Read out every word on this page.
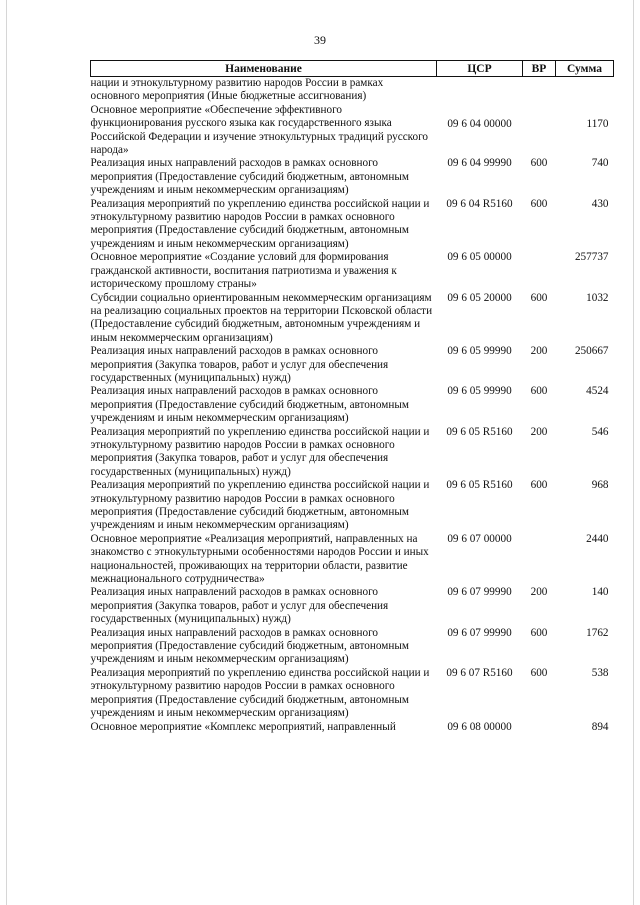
39
Наименование	ЦСР	ВР	Сумма
нации и этнокультурному развитию народов России в рамках основного мероприятия (Иные бюджетные ассигнования)			
Основное мероприятие «Обеспечение эффективного функционирования русского языка как государственного языка Российской Федерации и изучение этнокультурных традиций русского народа»	09 6 04 00000		1170
Реализация иных направлений расходов в рамках основного мероприятия (Предоставление субсидий бюджетным, автономным учреждениям и иным некоммерческим организациям)	09 6 04 99990	600	740
Реализация мероприятий по укреплению единства российской нации и этнокультурному развитию народов России в рамках основного мероприятия (Предоставление субсидий бюджетным, автономным учреждениям и иным некоммерческим организациям)	09 6 04 R5160	600	430
Основное мероприятие «Создание условий для формирования гражданской активности, воспитания патриотизма и уважения к историческому прошлому страны»	09 6 05 00000		257737
Субсидии социально ориентированным некоммерческим организациям на реализацию социальных проектов на территории Псковской области (Предоставление субсидий бюджетным, автономным учреждениям и иным некоммерческим организациям)	09 6 05 20000	600	1032
Реализация иных направлений расходов в рамках основного мероприятия (Закупка товаров, работ и услуг для обеспечения государственных (муниципальных) нужд)	09 6 05 99990	200	250667
Реализация иных направлений расходов в рамках основного мероприятия (Предоставление субсидий бюджетным, автономным учреждениям и иным некоммерческим организациям)	09 6 05 99990	600	4524
Реализация мероприятий по укреплению единства российской нации и этнокультурному развитию народов России в рамках основного мероприятия (Закупка товаров, работ и услуг для обеспечения государственных (муниципальных) нужд)	09 6 05 R5160	200	546
Реализация мероприятий по укреплению единства российской нации и этнокультурному развитию народов России в рамках основного мероприятия (Предоставление субсидий бюджетным, автономным учреждениям и иным некоммерческим организациям)	09 6 05 R5160	600	968
Основное мероприятие «Реализация мероприятий, направленных на знакомство с этнокультурными особенностями народов России и иных национальностей, проживающих на территории области, развитие межнационального сотрудничества»	09 6 07 00000		2440
Реализация иных направлений расходов в рамках основного мероприятия (Закупка товаров, работ и услуг для обеспечения государственных (муниципальных) нужд)	09 6 07 99990	200	140
Реализация иных направлений расходов в рамках основного мероприятия (Предоставление субсидий бюджетным, автономным учреждениям и иным некоммерческим организациям)	09 6 07 99990	600	1762
Реализация мероприятий по укреплению единства российской нации и этнокультурному развитию народов России в рамках основного мероприятия (Предоставление субсидий бюджетным, автономным учреждениям и иным некоммерческим организациям)	09 6 07 R5160	600	538
Основное мероприятие «Комплекс мероприятий, направленный	09 6 08 00000		894
